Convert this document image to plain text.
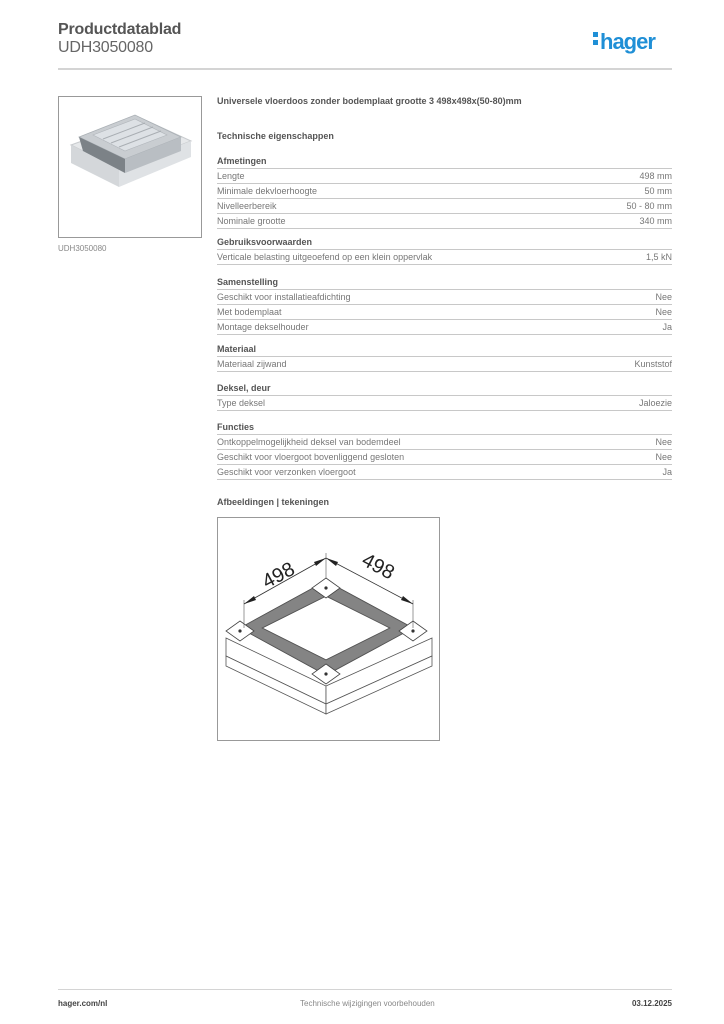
Productdatablad
UDH3050080	hager
UDH3050080
Universele vloerdoos zonder bodemplaat grootte 3 498x498x(50-80)mm
Technische eigenschappen
Afmetingen
Lengte	498 mm
Minimale dekvloerhoogte	50 mm
Nivelleerbereik	50 - 80 mm
Nominale grootte	340 mm
Gebruiksvoorwaarden
Verticale belasting uitgeoefend op een klein oppervlak	1,5 kN
Samenstelling
Geschikt voor installatieafdichting	Nee
Met bodemplaat	Nee
Montage dekselhouder	Ja
Materiaal
Materiaal zijwand	Kunststof
Deksel, deur
Type deksel	Jaloezie
Functies
Ontkoppelmogelijkheid deksel van bodemdeel	Nee
Geschikt voor vloergoot bovenliggend gesloten	Nee
Geschikt voor verzonken vloergoot	Ja
Afbeeldingen | tekeningen
498	498
hager.com/nl	Technische wijzigingen voorbehouden	03.12.2025
